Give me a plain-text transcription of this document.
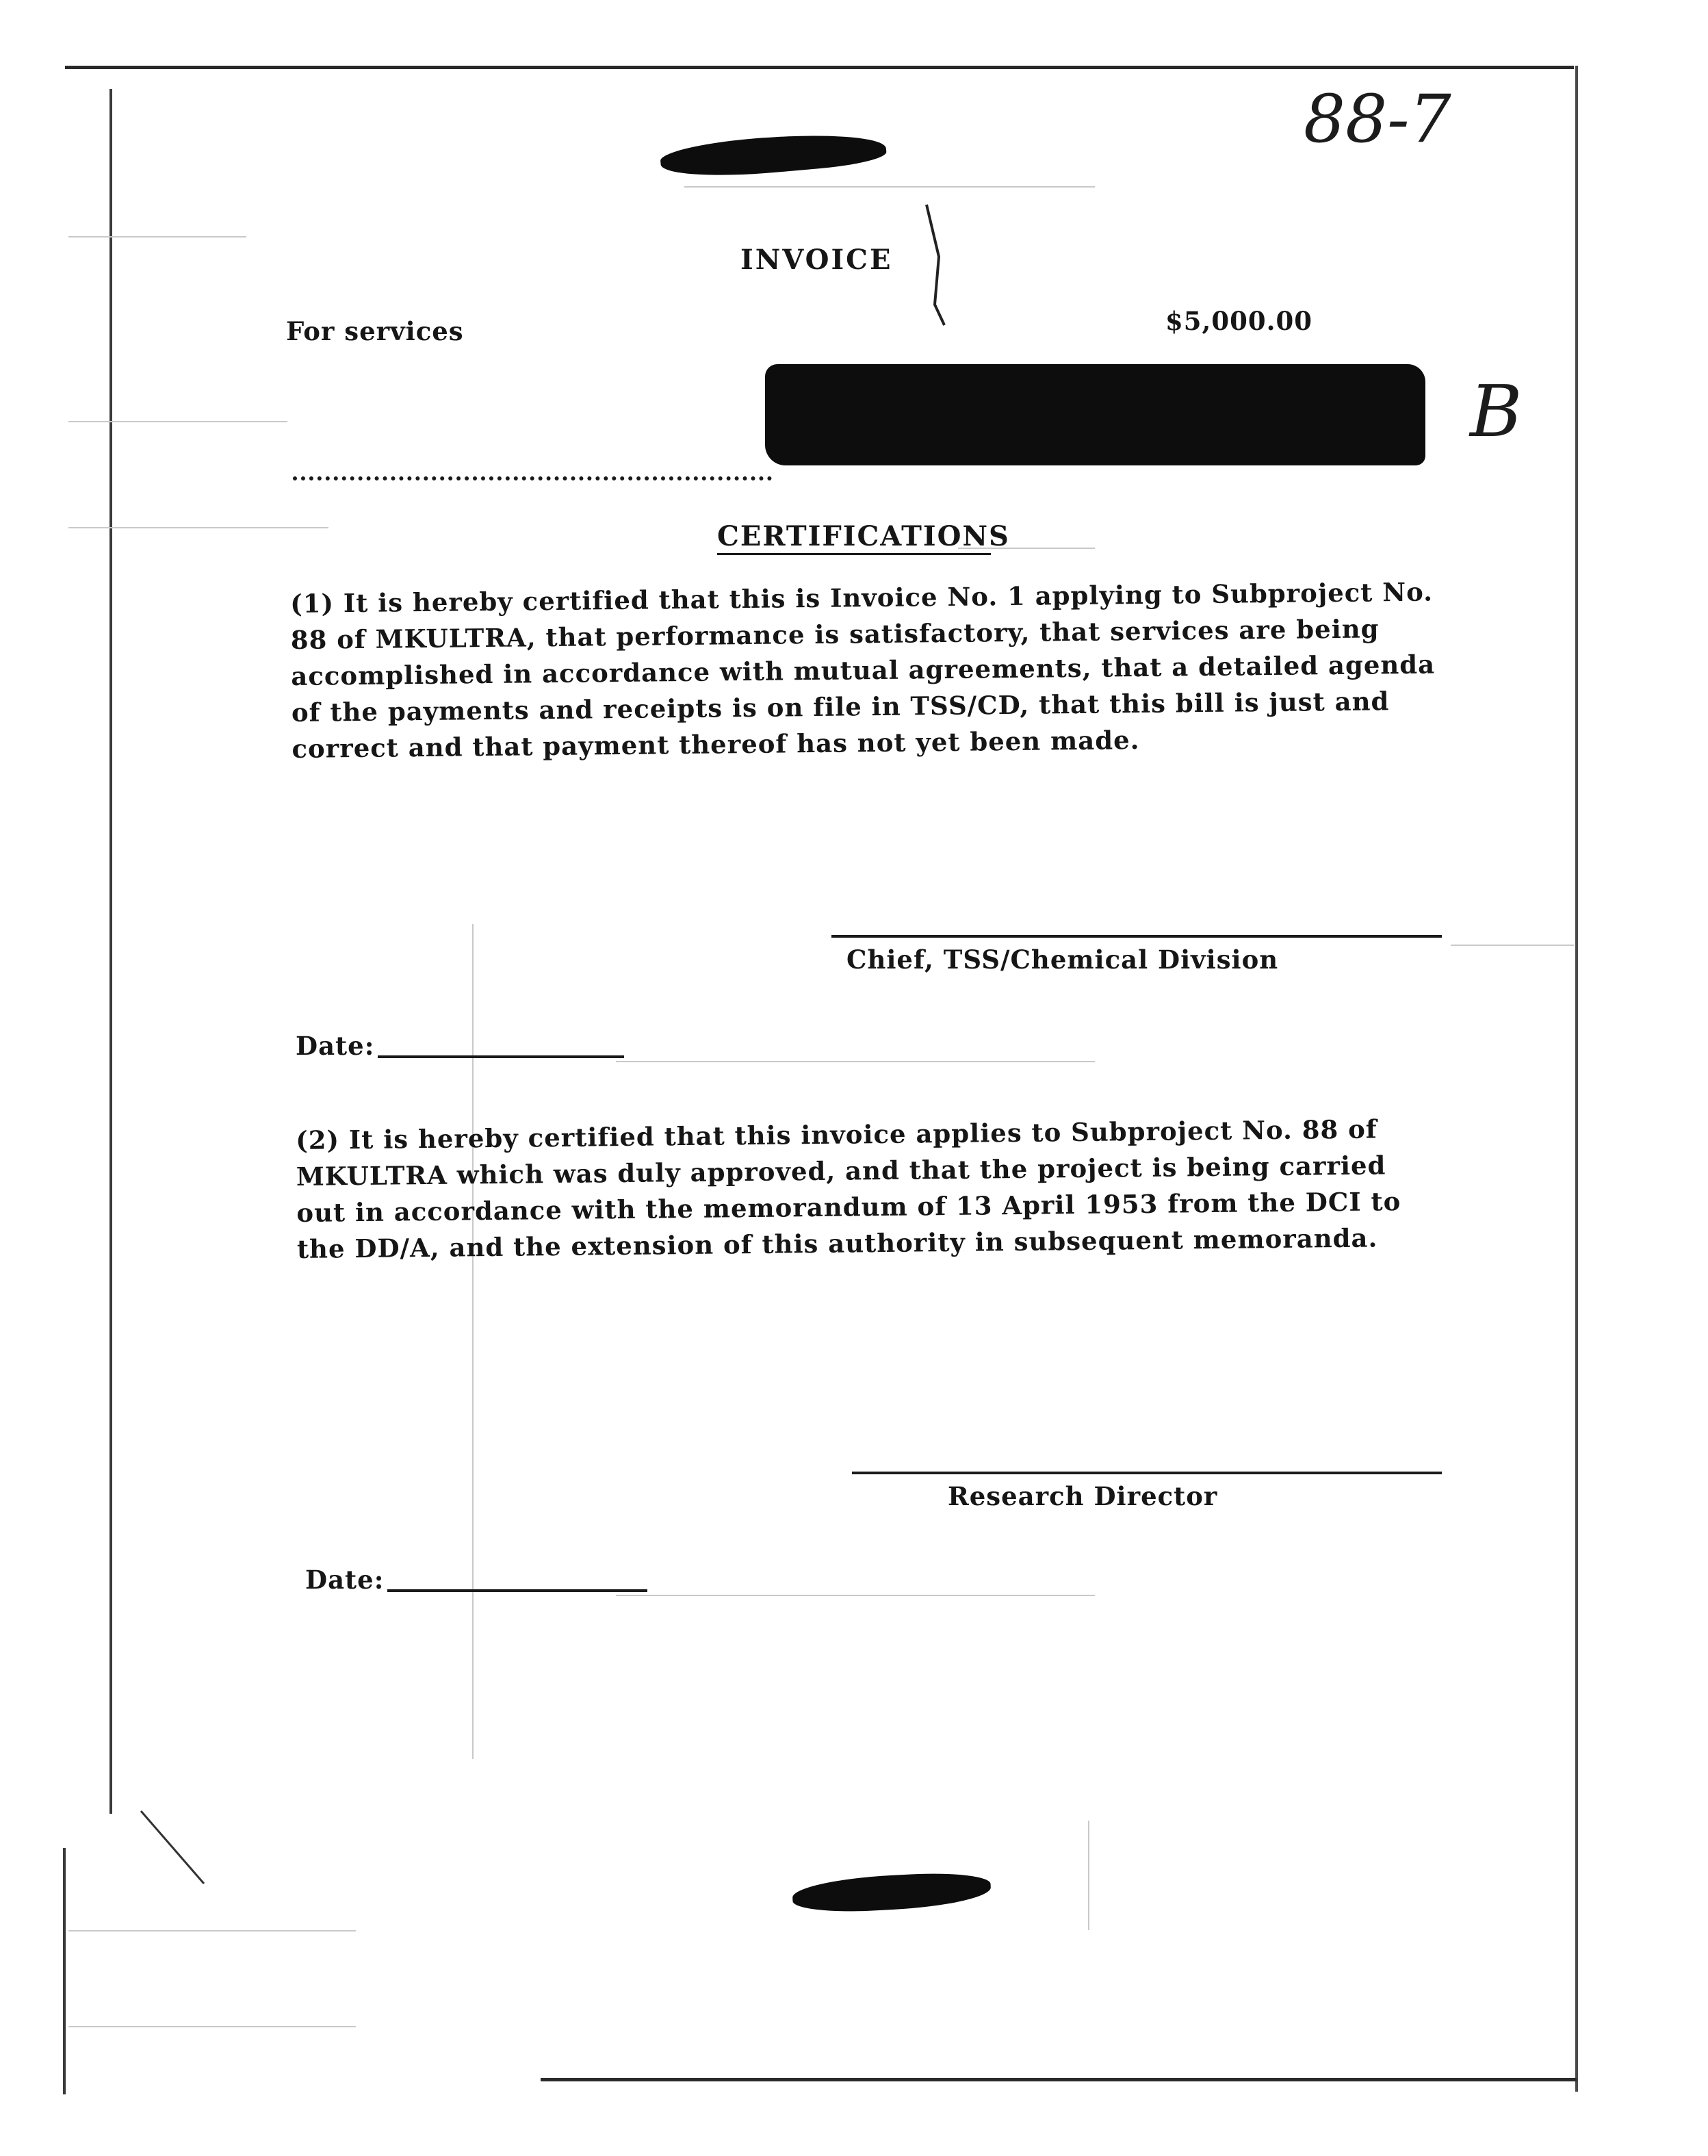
88-7
INVOICE
For services	$5,000.00
B
CERTIFICATIONS
(1) It is hereby certified that this is Invoice No. 1 applying to Subproject No. 88 of MKULTRA, that performance is satisfactory, that services are being accomplished in accordance with mutual agreements, that a detailed agenda of the payments and receipts is on file in TSS/CD, that this bill is just and correct and that payment thereof has not yet been made.
Chief, TSS/Chemical Division
Date:
(2) It is hereby certified that this invoice applies to Subproject No. 88 of MKULTRA which was duly approved, and that the project is being carried out in accordance with the memorandum of 13 April 1953 from the DCI to the DD/A, and the extension of this authority in subsequent memoranda.
Research Director
Date:
